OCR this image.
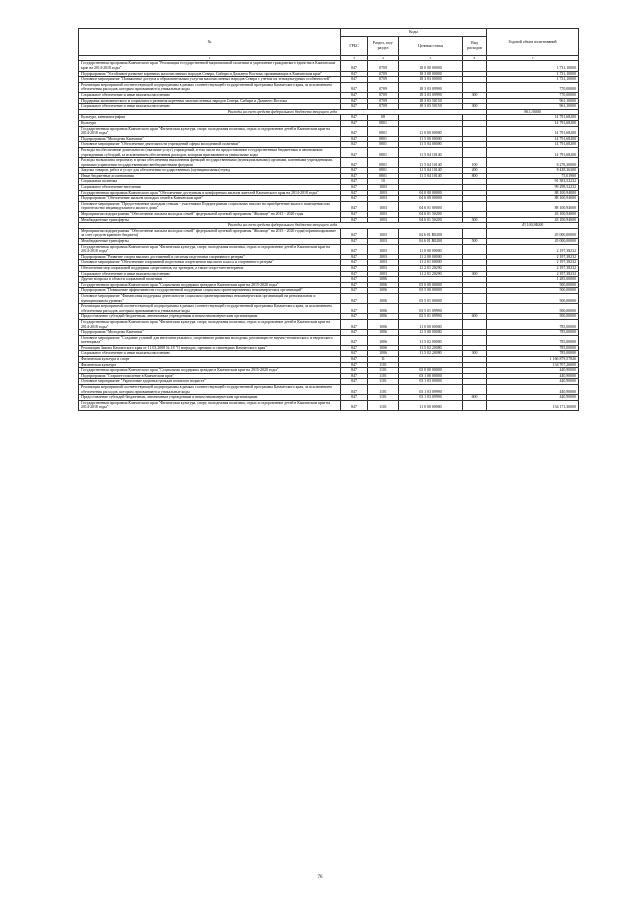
№	Коды				Годовой объем ассигнований
	ГРБС	Раздел, под-раздел	Целевая статья	Вид расходов	
1	3	4	5	6	7
Государственная программа Камчатского края "Реализация государственной национальной политики и укрепление гражданского единства в Камчатском крае на 2014-2018 годы"	847	0709	18 0 00 00000		1 731,10000
Подпрограмма "Устойчивое развитие коренных малочисленных народов Севера, Сибири и Дальнего Востока, проживающих в Камчатском крае"	847	0709	18 3 00 00000		1 731,10000
Основное мероприятие "Повышение доступа к образовательным услугам малочисленных народов Севера с учетом их этнокультурных особенностей"	847	0709	18 3 03 00000		1 731,10000
Реализация мероприятий соответствующей подпрограммы в рамках соответствующей государственной программы Камчатского края, за исключением обеспечения расходов, которым присваиваются уникальные коды	847	0709	18 3 03 09990		770,00000
Социальное обеспечение и иные выплаты населению	847	0709	18 3 03 09990	300	770,00000
Поддержка экономического и социального развития коренных малочисленных народов Севера, Сибири и Дальнего Востока	847	0709	18 3 03 50150		961,10000
Социальное обеспечение и иные выплаты населению	847	0709	18 3 03 50150	300	961,10000
Расходы на счет средств федерального бюджета текущего года					961,10000
Культура, кинематография	847	08			14 791,68200
Культура	847	0801			14 791,68200
Государственная программа Камчатского края "Физическая культура, спорт, молодежная политика, отдых и оздоровление детей в Камчатском крае на 2014-2018 годы"	847	0801	11 0 00 00000		14 791,68200
Подпрограмма "Молодежь Камчатки"	847	0801	11 5 00 00000		14 791,68200
Основное мероприятие "Обеспечение деятельности учреждений сферы молодежной политики"	847	0801	11 5 04 00000		14 791,68200
Расходы на обеспечение деятельности (оказание услуг) учреждений, в том числе на предоставление государственным бюджетным и автономным учреждениям субсидий, за исключением обеспечения расходов, которым присваиваются уникальные коды	847	0801	11 5 04 10140		14 791,68200
Расходы на выплаты персоналу в целях обеспечения выполнения функций государственными (муниципальными) органами, казенными учреждениями, органами управления государственными внебюджетными фондами	847	0801	11 5 04 10140	100	6 278,30000
Закупка товаров, работ и услуг для обеспечения государственных (муниципальных) нужд	847	0801	11 5 04 10140	200	8 438,36300
Иные бюджетные ассигнования	847	0801	11 5 04 10140	800	75,01900
Социальная политика	847	10			91 383,52232
Социальное обеспечение населения	847	1003			99 298,52232
Государственная программа Камчатского края "Обеспечение доступным и комфортным жильем жителей Камчатского края на 2014-2018 годы"	847	1003	04 0 00 00000		88 100,94000
Подпрограмма "Обеспечение жильем молодых семей в Камчатском крае"	847	1003	04 6 00 00000		88 100,94000
Основное мероприятие "Предоставление молодым семьям - участникам Подпрограммы социальных выплат на приобретение жилого помещения или строительство индивидуального жилого дома"	847	1003	04 6 01 00000		88 100,94000
Мероприятия подпрограммы "Обеспечение жильем молодых семей" федеральной целевой программы "Жилище" на 2015 - 2020 годы	847	1003	04 6 01 50200		43 100,94000
Межбюджетные трансферты	847	1003	04 6 01 50200	500	43 100,94000
Расходы на счет средств федерального бюджета текущего года					43 100,94000
Мероприятия подпрограммы "Обеспечение жильем молодых семей" федеральной целевой программы "Жилище" на 2015 - 2020 годы(софинансирование за счет средств краевого бюджета)	847	1003	04 6 01 R0200		45 000,00000
Межбюджетные трансферты	847	1003	04 6 01 R0200	500	45 000,00000
Государственная программа Камчатского края "Физическая культура, спорт, молодежная политика, отдых и оздоровление детей в Камчатском крае на 2014-2018 годы"	847	1003	11 0 00 00000		2 197,38232
Подпрограмма "Развитие спорта высших достижений и системы подготовки спортивного резерва"	847	1003	11 2 00 00000		2 197,38232
Основное мероприятие "Обеспечение спортивной подготовки спортсменов высокого класса и спортивного резерва"	847	1003	11 2 01 00000		2 197,38232
Обеспечение мер социальной поддержки спортсменов, их тренеров, а также спорт-мен-ветеранов	847	1003	11 2 01 20290		2 197,38232
Социальное обеспечение и иные выплаты населению	847	1003	11 2 01 20290	300	2 197,38232
Другие вопросы в области социальной политики	847	1006			1 285,00000
Государственная программа Камчатского края "Социальная поддержка граждан в Камчатском крае на 2015-2020 годы"	847	1006	03 0 00 00000		500,00000
Подпрограмма "Повышение эффективности государственной поддержки социально ориентированных некоммерческих организаций"	847	1006	03 5 00 00000		500,00000
Основное мероприятие "Финансовая поддержка деятельности социально ориентированных некоммерческих организаций на региональном и муниципальном уровнях"	847	1006	03 5 01 00000		500,00000
Реализация мероприятий соответствующей подпрограммы в рамках соответствующей государственной программы Камчатского края, за исключением обеспечения расходов, которым присваиваются уникальные коды	847	1006	03 5 01 09990		500,00000
Предоставление субсидий бюджетным, автономным учреждениям и иным некоммерческим организациям	847	1006	03 5 01 09990	600	500,00000
Государственная программа Камчатского края "Физическая культура, спорт, молодежная политика, отдых и оздоровление детей в Камчатском крае на 2014-2018 годы"	847	1006	11 0 00 00000		785,00000
Подпрограмма "Молодежь Камчатки"	847	1006	11 5 00 00000		785,00000
Основное мероприятие "Создание условий для интеллектуального, спортивного развития молодежи, реализации ее научно-технического и творческого потенциала"	847	1006	11 5 02 00000		785,00000
Реализация Закона Камчатского края от 11.03.2008 № 18 "О наградах, премиях и стипендиях Камчатского края"	847	1006	11 5 02 20080		785,00000
Социальное обеспечение и иные выплаты населению	847	1006	11 5 02 20080	300	785,00000
Физическая культура и спорт	847	11			1 166 879,57826
Физическая культура	847	1101			134 707,26000
Государственная программа Камчатского края "Социальная поддержка граждан в Камчатском крае на 2015-2020 годы"	847	1101	03 0 00 00000		440,90000
Подпрограмма "Старшее поколение в Камчатском крае"	847	1101	03 1 00 00000		440,90000
Основное мероприятие "Укрепление здоровья граждан пожилого возраста"	847	1101	03 1 03 00000		440,90000
Реализация мероприятий соответствующей подпрограммы в рамках соответствующей государственной программы Камчатского края, за исключением обеспечения расходов, которым присваиваются уникальные коды	847	1101	03 1 03 09990		440,90000
Предоставление субсидий бюджетным, автономным учреждениям и иным некоммерческим организациям	847	1101	03 1 03 09990	600	440,90000
Государственная программа Камчатского края "Физическая культура, спорт, молодежная политика, отдых и оздоровление детей в Камчатском крае на 2014-2018 годы"	847	1101	11 0 00 00000		134 171,36000
76
